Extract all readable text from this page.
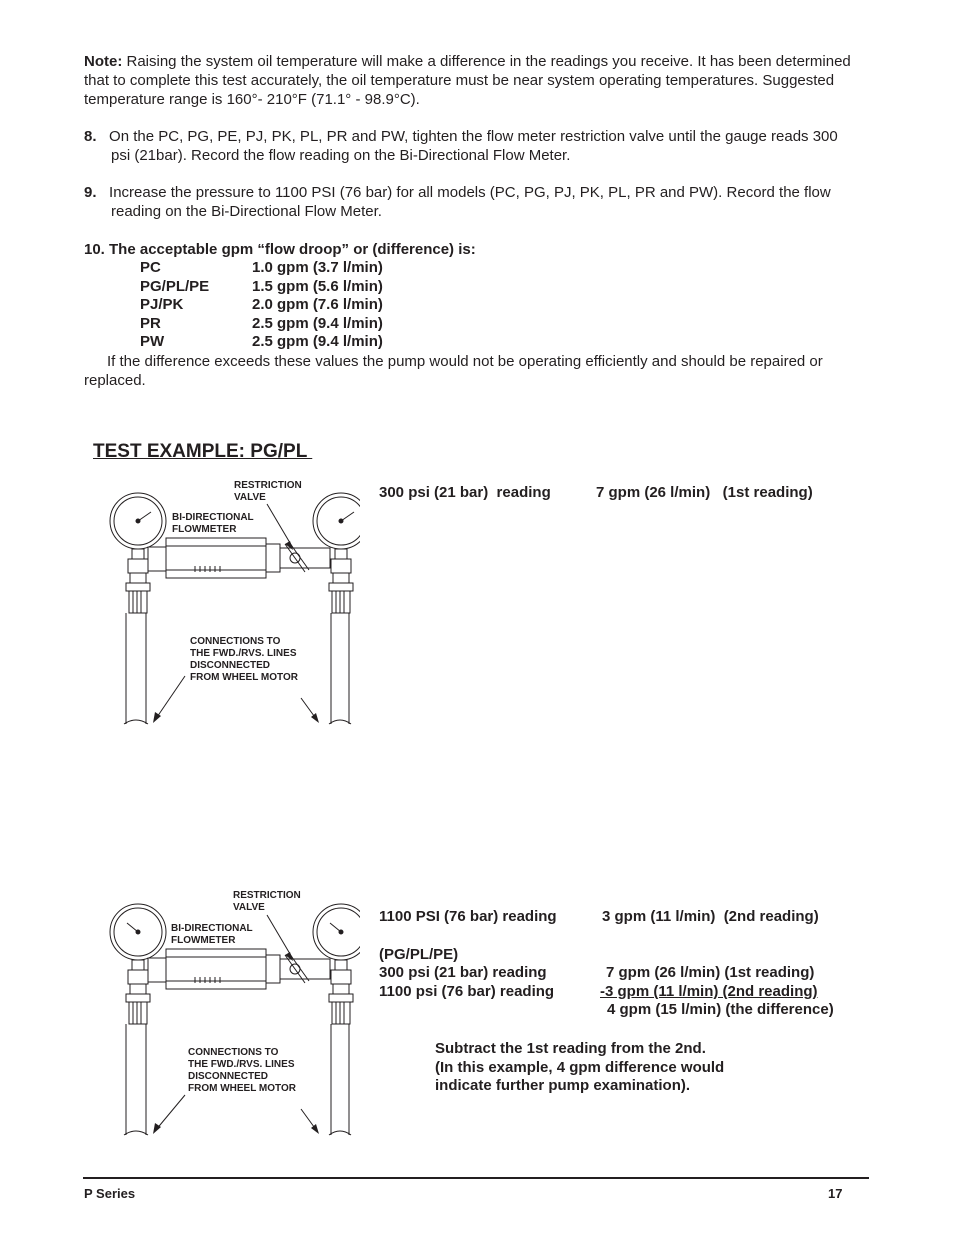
Note: Raising the system oil temperature will make a difference in the readings you receive. It has been determined that to complete this test accurately, the oil temperature must be near system operating temperatures. Suggested temperature range is 160°- 210°F (71.1° - 98.9°C).
8. On the PC, PG, PE, PJ, PK, PL, PR and PW, tighten the flow meter restriction valve until the gauge reads 300
psi (21bar). Record the flow reading on the Bi-Directional Flow Meter.
9. Increase the pressure to 1100 PSI (76 bar) for all models (PC, PG, PJ, PK, PL, PR and PW). Record the flow
reading on the Bi-Directional Flow Meter.
10. The acceptable gpm “flow droop” or (difference) is:
PC	1.0 gpm (3.7 l/min)
PG/PL/PE	1.5 gpm (5.6 l/min)
PJ/PK	2.0 gpm (7.6 l/min)
PR	2.5 gpm (9.4 l/min)
PW	2.5 gpm (9.4 l/min)
If the difference exceeds these values the pump would not be operating efficiently and should be repaired or
replaced.
TEST EXAMPLE: PG/PL
RESTRICTION
VALVE
BI-DIRECTIONAL
FLOWMETER
CONNECTIONS TO
THE FWD./RVS. LINES
DISCONNECTED
FROM WHEEL MOTOR
300 psi (21 bar)  reading	7 gpm (26 l/min)   (1st reading)
RESTRICTION
VALVE
BI-DIRECTIONAL
FLOWMETER
CONNECTIONS TO
THE FWD./RVS. LINES
DISCONNECTED
FROM WHEEL MOTOR
1100 PSI (76 bar) reading	3 gpm (11 l/min)  (2nd reading)
(PG/PL/PE)
300 psi (21 bar) reading	7 gpm (26 l/min) (1st reading)
1100 psi (76 bar) reading	-3 gpm (11 l/min) (2nd reading)
4 gpm (15 l/min) (the difference)
Subtract the 1st reading from the 2nd.
(In this example, 4 gpm difference would
indicate further pump examination).
P Series	17
